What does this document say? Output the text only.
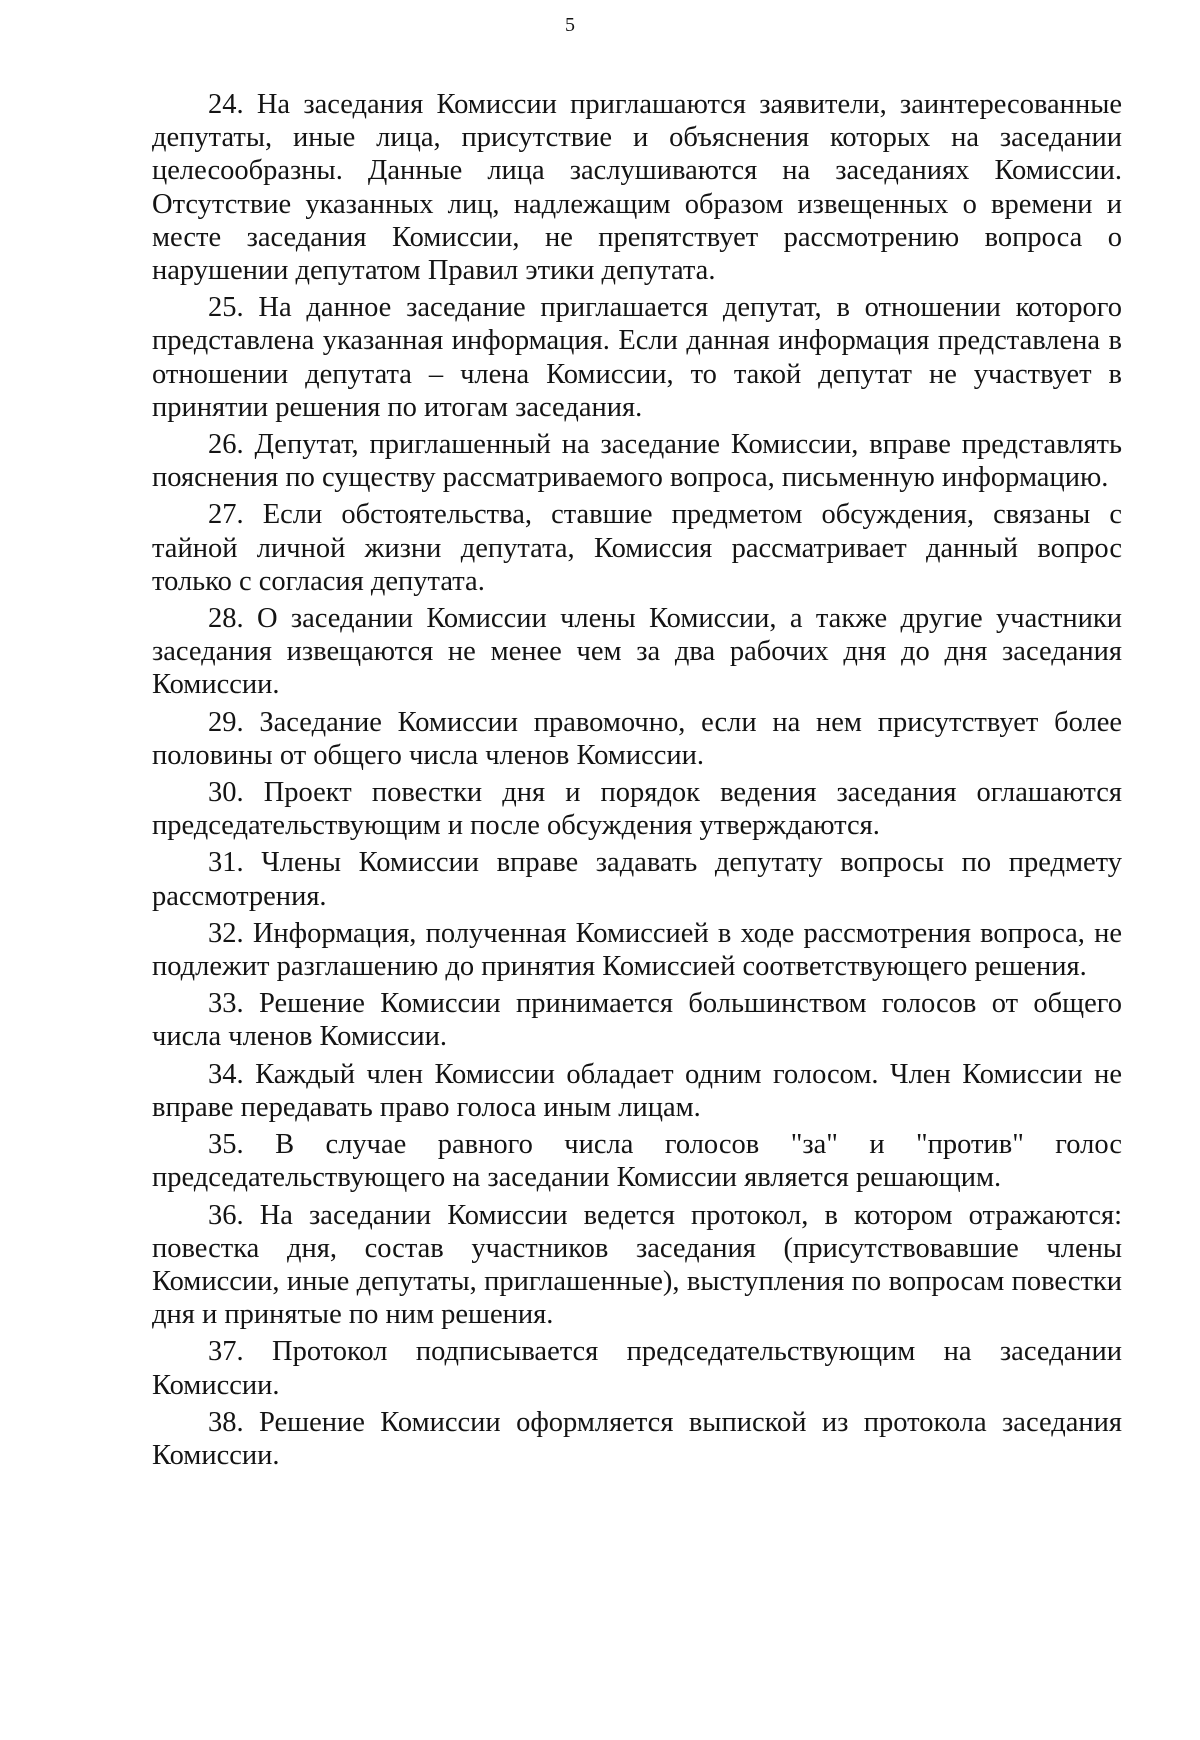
5

24. На заседания Комиссии приглашаются заявители, заинтересованные депутаты, иные лица, присутствие и объяснения которых на заседании целесообразны. Данные лица заслушиваются на заседаниях Комиссии. Отсутствие указанных лиц, надлежащим образом извещенных о времени и месте заседания Комиссии, не препятствует рассмотрению вопроса о нарушении депутатом Правил этики депутата.

25. На данное заседание приглашается депутат, в отношении которого представлена указанная информация. Если данная информация представлена в отношении депутата – члена Комиссии, то такой депутат не участвует в принятии решения по итогам заседания.

26. Депутат, приглашенный на заседание Комиссии, вправе представлять пояснения по существу рассматриваемого вопроса, письменную информацию.

27. Если обстоятельства, ставшие предметом обсуждения, связаны с тайной личной жизни депутата, Комиссия рассматривает данный вопрос только с согласия депутата.

28. О заседании Комиссии члены Комиссии, а также другие участники заседания извещаются не менее чем за два рабочих дня до дня заседания Комиссии.

29. Заседание Комиссии правомочно, если на нем присутствует более половины от общего числа членов Комиссии.

30. Проект повестки дня и порядок ведения заседания оглашаются председательствующим и после обсуждения утверждаются.

31. Члены Комиссии вправе задавать депутату вопросы по предмету рассмотрения.

32. Информация, полученная Комиссией в ходе рассмотрения вопроса, не подлежит разглашению до принятия Комиссией соответствующего решения.

33. Решение Комиссии принимается большинством голосов от общего числа членов Комиссии.

34. Каждый член Комиссии обладает одним голосом. Член Комиссии не вправе передавать право голоса иным лицам.

35. В случае равного числа голосов "за" и "против" голос председательствующего на заседании Комиссии является решающим.

36. На заседании Комиссии ведется протокол, в котором отражаются: повестка дня, состав участников заседания (присутствовавшие члены Комиссии, иные депутаты, приглашенные), выступления по вопросам повестки дня и принятые по ним решения.

37. Протокол подписывается председательствующим на заседании Комиссии.

38. Решение Комиссии оформляется выпиской из протокола заседания Комиссии.
